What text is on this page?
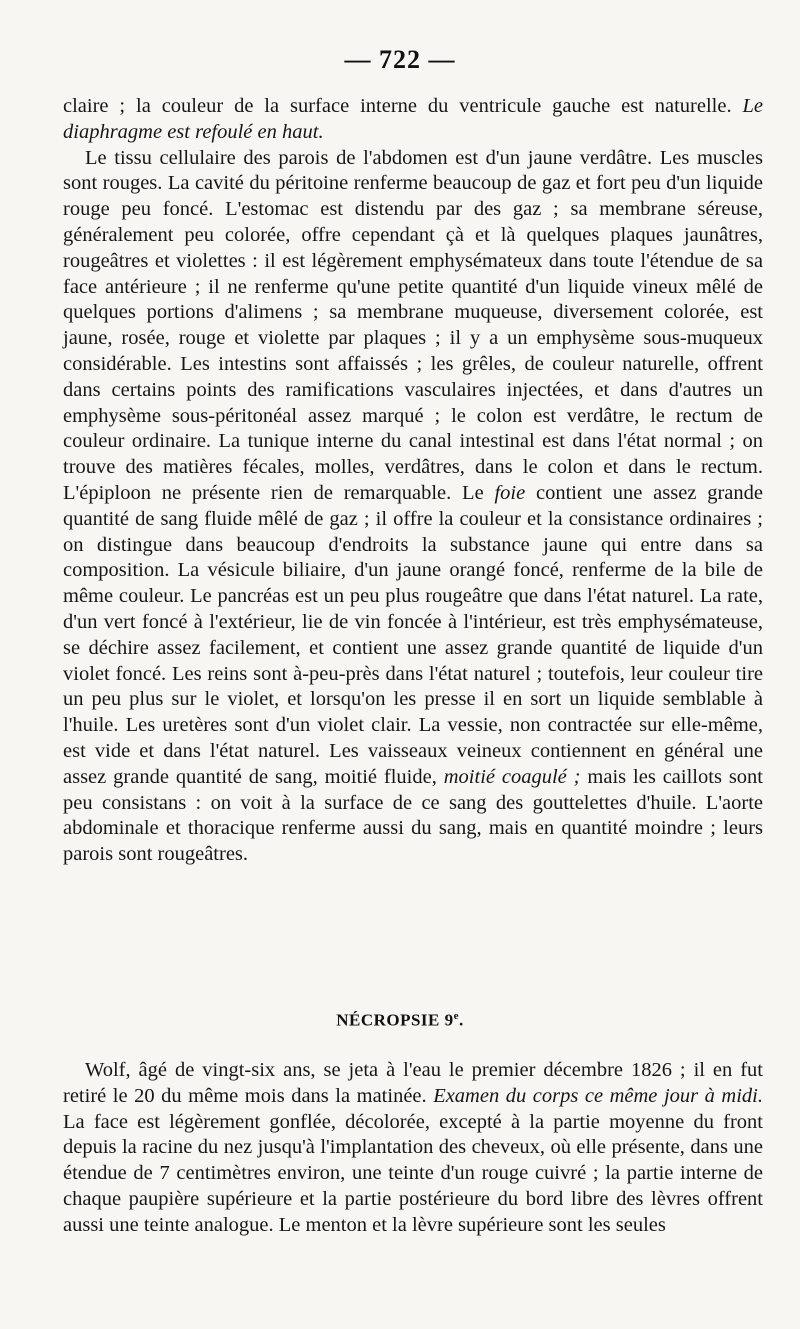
— 722 —

claire ; la couleur de la surface interne du ventricule gauche est naturelle. Le diaphragme est refoulé en haut.

Le tissu cellulaire des parois de l'abdomen est d'un jaune verdâtre. Les muscles sont rouges. La cavité du péritoine renferme beaucoup de gaz et fort peu d'un liquide rouge peu foncé. L'estomac est distendu par des gaz ; sa membrane séreuse, généralement peu colorée, offre cependant çà et là quelques plaques jaunâtres, rougeâtres et violettes : il est légèrement emphysémateux dans toute l'étendue de sa face antérieure ; il ne renferme qu'une petite quantité d'un liquide vineux mêlé de quelques portions d'alimens ; sa membrane muqueuse, diversement colorée, est jaune, rosée, rouge et violette par plaques ; il y a un emphysème sous-muqueux considérable. Les intestins sont affaissés ; les grêles, de couleur naturelle, offrent dans certains points des ramifications vasculaires injectées, et dans d'autres un emphysème sous-péritonéal assez marqué ; le colon est verdâtre, le rectum de couleur ordinaire. La tunique interne du canal intestinal est dans l'état normal ; on trouve des matières fécales, molles, verdâtres, dans le colon et dans le rectum. L'épiploon ne présente rien de remarquable. Le foie contient une assez grande quantité de sang fluide mêlé de gaz ; il offre la couleur et la consistance ordinaires ; on distingue dans beaucoup d'endroits la substance jaune qui entre dans sa composition. La vésicule biliaire, d'un jaune orangé foncé, renferme de la bile de même couleur. Le pancréas est un peu plus rougeâtre que dans l'état naturel. La rate, d'un vert foncé à l'extérieur, lie de vin foncée à l'intérieur, est très emphysémateuse, se déchire assez facilement, et contient une assez grande quantité de liquide d'un violet foncé. Les reins sont à-peu-près dans l'état naturel ; toutefois, leur couleur tire un peu plus sur le violet, et lorsqu'on les presse il en sort un liquide semblable à l'huile. Les uretères sont d'un violet clair. La vessie, non contractée sur elle-même, est vide et dans l'état naturel. Les vaisseaux veineux contiennent en général une assez grande quantité de sang, moitié fluide, moitié coagulé ; mais les caillots sont peu consistans : on voit à la surface de ce sang des gouttelettes d'huile. L'aorte abdominale et thoracique renferme aussi du sang, mais en quantité moindre ; leurs parois sont rougeâtres.

NÉCROPSIE 9e.

Wolf, âgé de vingt-six ans, se jeta à l'eau le premier décembre 1826 ; il en fut retiré le 20 du même mois dans la matinée. Examen du corps ce même jour à midi. La face est légèrement gonflée, décolorée, excepté à la partie moyenne du front depuis la racine du nez jusqu'à l'implantation des cheveux, où elle présente, dans une étendue de 7 centimètres environ, une teinte d'un rouge cuivré ; la partie interne de chaque paupière supérieure et la partie postérieure du bord libre des lèvres offrent aussi une teinte analogue. Le menton et la lèvre supérieure sont les seules
